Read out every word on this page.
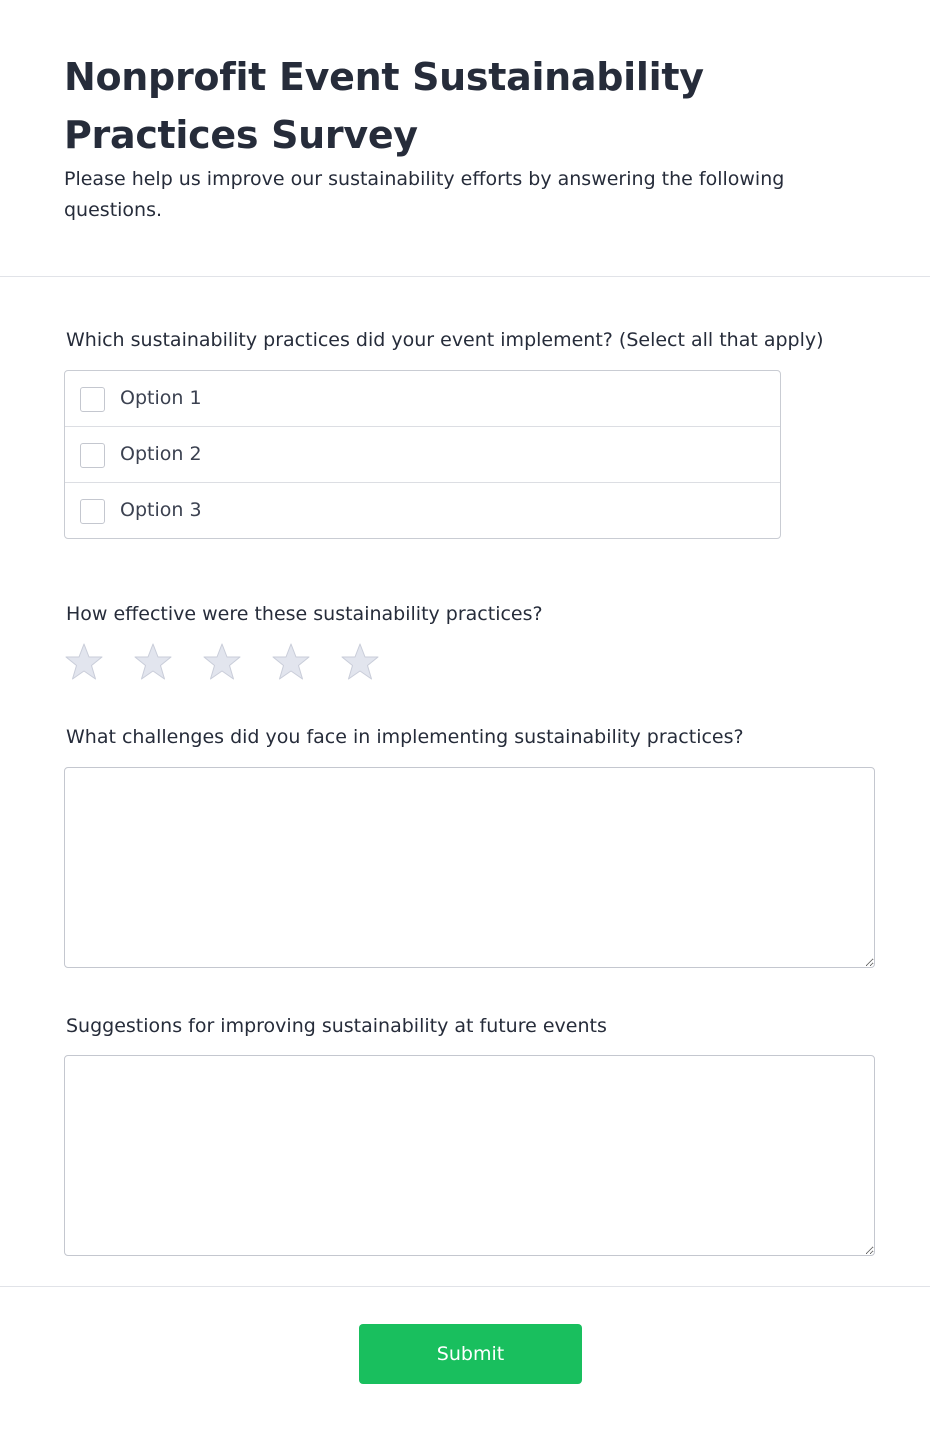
Nonprofit Event Sustainability Practices Survey

Please help us improve our sustainability efforts by answering the following questions.

Which sustainability practices did your event implement? (Select all that apply)
Option 1
Option 2
Option 3
How effective were these sustainability practices?
What challenges did you face in implementing sustainability practices?
Suggestions for improving sustainability at future events
Submit
